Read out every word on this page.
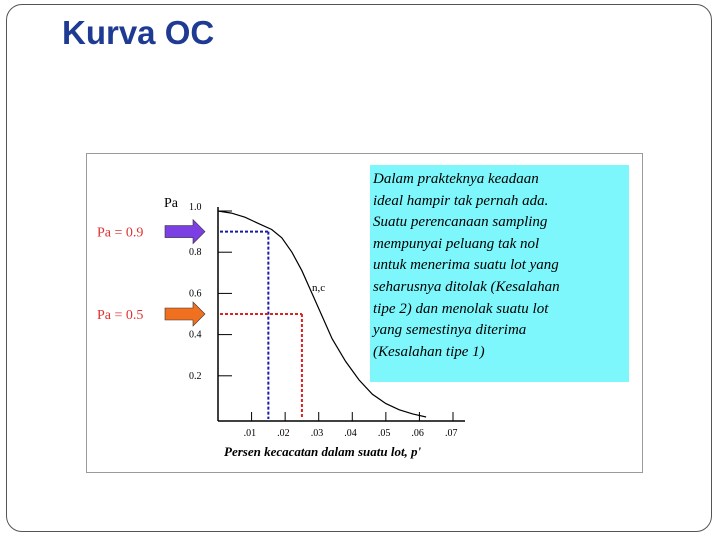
Kurva OC
1.0
0.8
0.6
0.4
0.2
.01 .02 .03 .04 .05 .06 .07
Pa
Persen kecacatan dalam suatu lot, p'
n,c
Pa = 0.9
Pa = 0.5
Dalam prakteknya keadaan
ideal hampir tak pernah ada.
Suatu perencanaan sampling
mempunyai peluang tak nol
untuk menerima suatu lot yang
seharusnya ditolak (Kesalahan
tipe 2) dan menolak suatu lot
yang semestinya diterima
(Kesalahan tipe 1)
